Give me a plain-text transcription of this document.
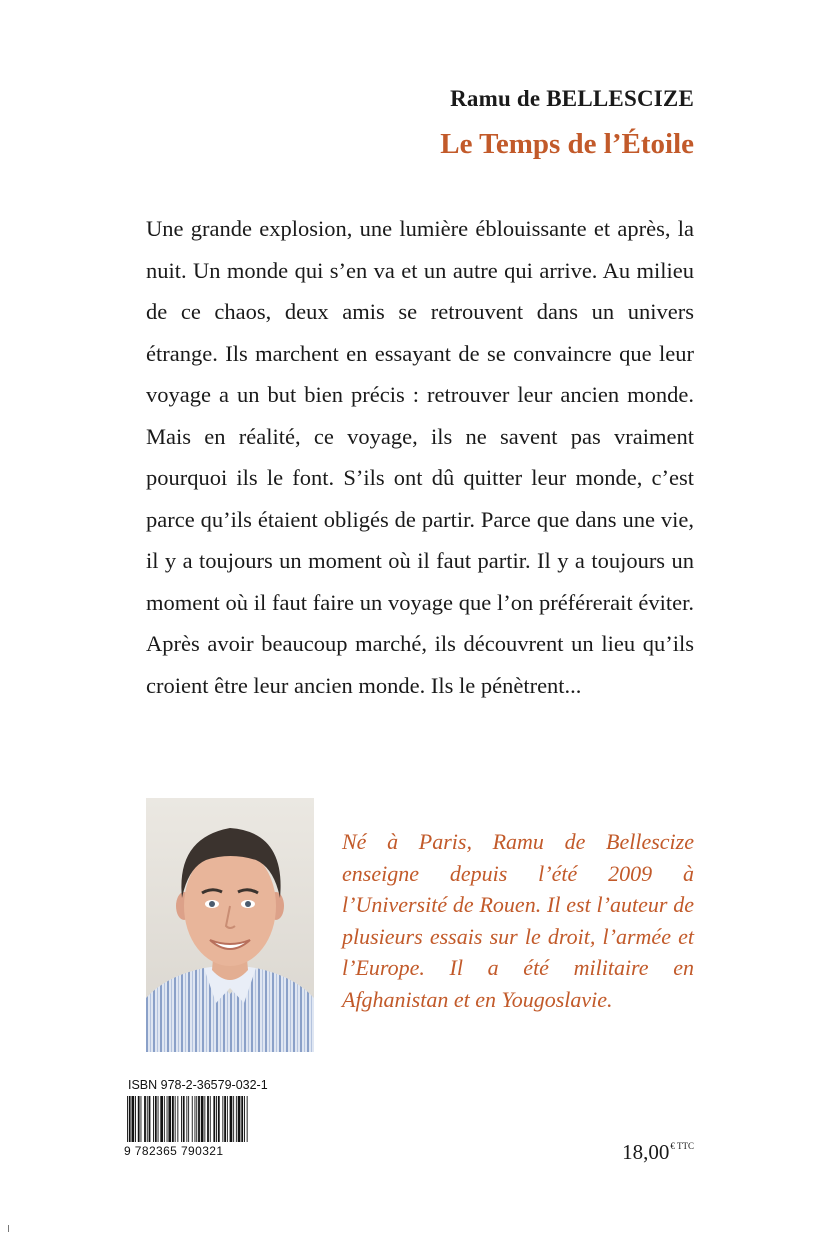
Ramu de BELLESCIZE
Le Temps de l’Étoile

Une grande explosion, une lumière éblouissante et après, la nuit. Un monde qui s’en va et un autre qui arrive. Au milieu de ce chaos, deux amis se retrouvent dans un univers étrange. Ils marchent en essayant de se convaincre que leur voyage a un but bien précis : retrouver leur ancien monde. Mais en réalité, ce voyage, ils ne savent pas vraiment pourquoi ils le font. S’ils ont dû quitter leur monde, c’est parce qu’ils étaient obligés de partir. Parce que dans une vie, il y a toujours un moment où il faut partir. Il y a toujours un moment où il faut faire un voyage que l’on préférerait éviter. Après avoir beaucoup marché, ils découvrent un lieu qu’ils croient être leur ancien monde. Ils le pénètrent...

Né à Paris, Ramu de Bellescize enseigne depuis l’été 2009 à l’Université de Rouen. Il est l’auteur de plusieurs essais sur le droit, l’armée et l’Europe. Il a été militaire en Afghanistan et en Yougoslavie.

ISBN 978-2-36579-032-1
9 782365 790321	$18,00^{€ TTC}$
